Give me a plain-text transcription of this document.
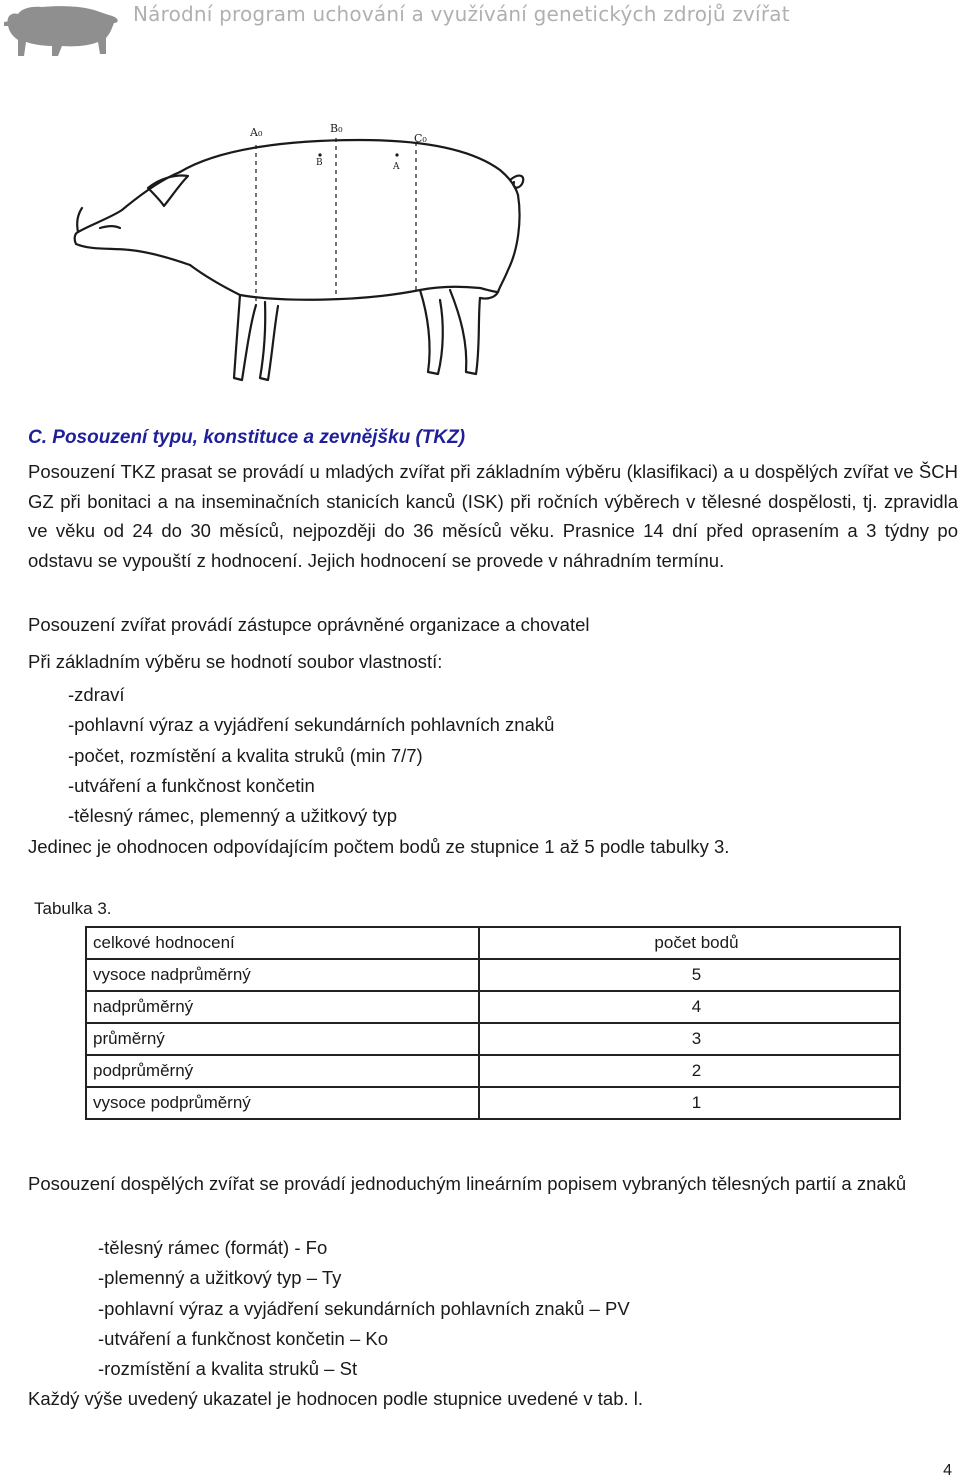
Národní program uchování a využívání genetických zdrojů zvířat
A₀	B₀
C₀
B	A
C. Posouzení typu, konstituce a zevnějšku (TKZ)
Posouzení TKZ prasat se provádí u mladých zvířat při základním výběru (klasifikaci) a u dospělých zvířat ve ŠCH GZ při bonitaci a na inseminačních stanicích kanců (ISK) při ročních výběrech v tělesné dospělosti, tj. zpravidla ve věku od 24 do 30 měsíců, nejpozději do 36 měsíců věku. Prasnice 14 dní před oprasením a 3 týdny po odstavu se vypouští z hodnocení. Jejich hodnocení se provede v náhradním termínu.
Posouzení zvířat provádí zástupce oprávněné organizace a chovatel
Při základním výběru se hodnotí soubor vlastností:
-zdraví
-pohlavní výraz a vyjádření sekundárních pohlavních znaků
-počet, rozmístění a kvalita struků (min 7/7)
-utváření a funkčnost končetin
-tělesný rámec, plemenný a užitkový typ
Jedinec je ohodnocen odpovídajícím počtem bodů ze stupnice 1 až 5 podle tabulky 3.
Tabulka 3.
celkové hodnocení	počet bodů
vysoce nadprůměrný	5
nadprůměrný	4
průměrný	3
podprůměrný	2
vysoce podprůměrný	1
Posouzení dospělých zvířat se provádí jednoduchým lineárním popisem vybraných tělesných partií a znaků
-tělesný rámec (formát) - Fo
-plemenný a užitkový typ – Ty
-pohlavní výraz a vyjádření sekundárních pohlavních znaků – PV
-utváření a funkčnost končetin – Ko
-rozmístění a kvalita struků – St
Každý výše uvedený ukazatel je hodnocen podle stupnice uvedené v tab. l.
4
